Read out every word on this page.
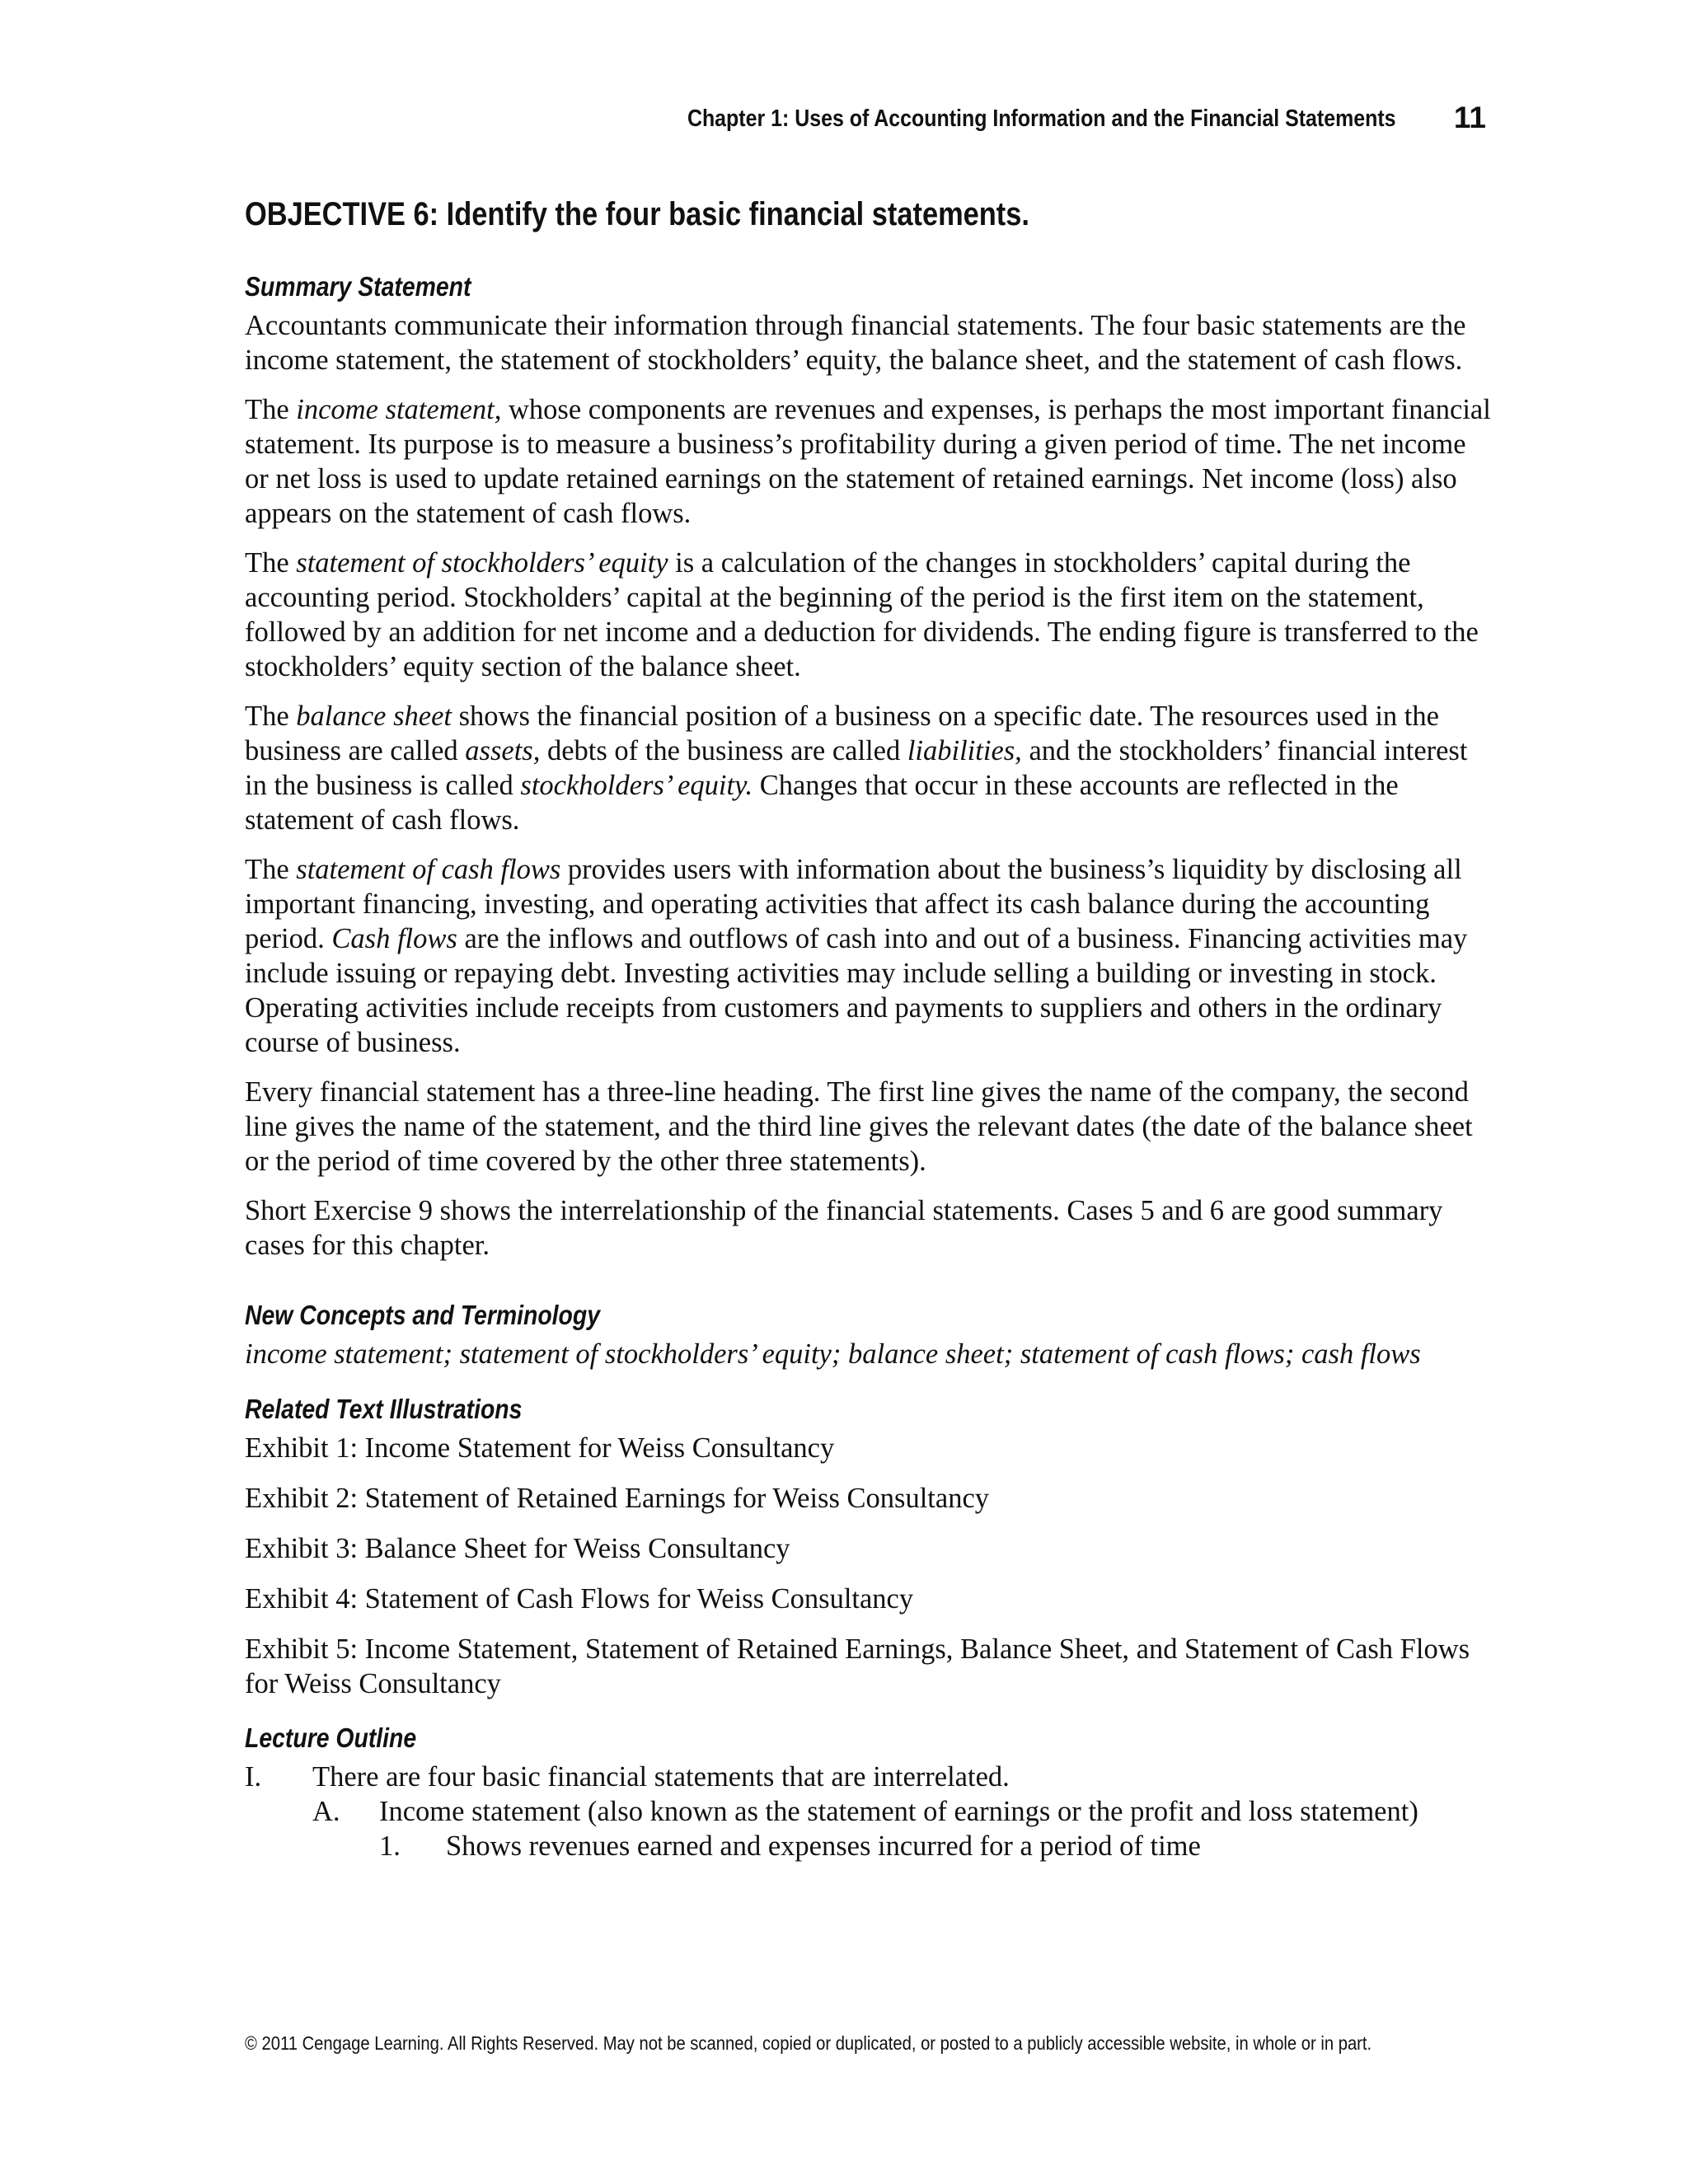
Chapter 1: Uses of Accounting Information and the Financial Statements 11
OBJECTIVE 6: Identify the four basic financial statements.

Summary Statement

Accountants communicate their information through financial statements. The four basic statements are the income statement, the statement of stockholders’ equity, the balance sheet, and the statement of cash flows.

The income statement, whose components are revenues and expenses, is perhaps the most important financial statement. Its purpose is to measure a business’s profitability during a given period of time. The net income or net loss is used to update retained earnings on the statement of retained earnings. Net income (loss) also appears on the statement of cash flows.

The statement of stockholders’ equity is a calculation of the changes in stockholders’ capital during the accounting period. Stockholders’ capital at the beginning of the period is the first item on the statement, followed by an addition for net income and a deduction for dividends. The ending figure is transferred to the stockholders’ equity section of the balance sheet.

The balance sheet shows the financial position of a business on a specific date. The resources used in the business are called assets, debts of the business are called liabilities, and the stockholders’ financial interest in the business is called stockholders’ equity. Changes that occur in these accounts are reflected in the statement of cash flows.

The statement of cash flows provides users with information about the business’s liquidity by disclosing all important financing, investing, and operating activities that affect its cash balance during the accounting period. Cash flows are the inflows and outflows of cash into and out of a business. Financing activities may include issuing or repaying debt. Investing activities may include selling a building or investing in stock. Operating activities include receipts from customers and payments to suppliers and others in the ordinary course of business.

Every financial statement has a three-line heading. The first line gives the name of the company, the second line gives the name of the statement, and the third line gives the relevant dates (the date of the balance sheet or the period of time covered by the other three statements).

Short Exercise 9 shows the interrelationship of the financial statements. Cases 5 and 6 are good summary cases for this chapter.

New Concepts and Terminology

income statement; statement of stockholders’ equity; balance sheet; statement of cash flows; cash flows

Related Text Illustrations

Exhibit 1: Income Statement for Weiss Consultancy

Exhibit 2: Statement of Retained Earnings for Weiss Consultancy

Exhibit 3: Balance Sheet for Weiss Consultancy

Exhibit 4: Statement of Cash Flows for Weiss Consultancy

Exhibit 5: Income Statement, Statement of Retained Earnings, Balance Sheet, and Statement of Cash Flows for Weiss Consultancy

Lecture Outline

I. There are four basic financial statements that are interrelated.
A. Income statement (also known as the statement of earnings or the profit and loss statement)
1. Shows revenues earned and expenses incurred for a period of time
© 2011 Cengage Learning. All Rights Reserved. May not be scanned, copied or duplicated, or posted to a publicly accessible website, in whole or in part.
